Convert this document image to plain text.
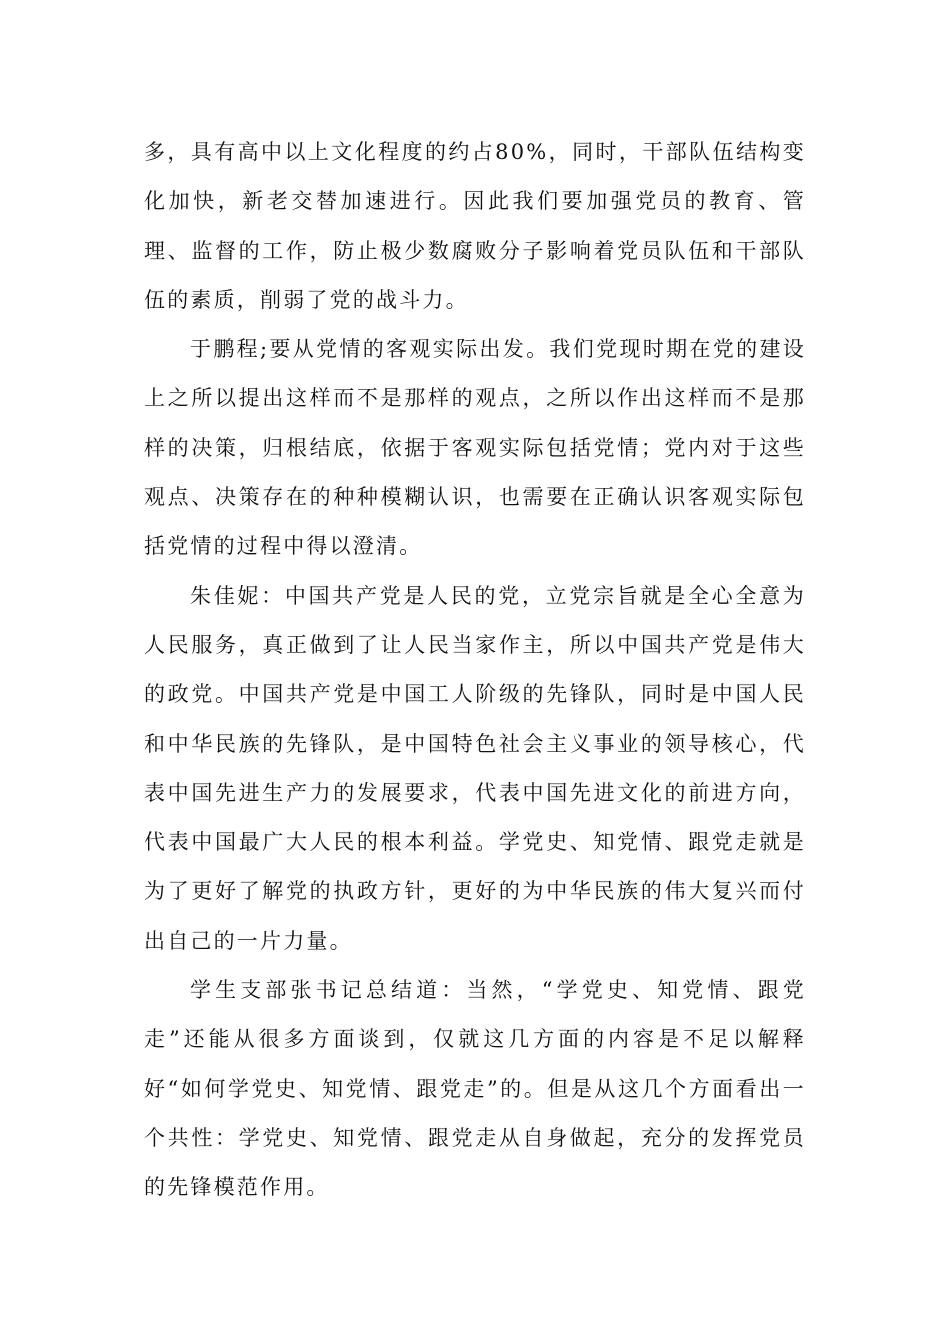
多，具有高中以上文化程度的约占80%，同时，干部队伍结构变化加快，新老交替加速进行。因此我们要加强党员的教育、管理、监督的工作，防止极少数腐败分子影响着党员队伍和干部队伍的素质，削弱了党的战斗力。

于鹏程;要从党情的客观实际出发。我们党现时期在党的建设上之所以提出这样而不是那样的观点，之所以作出这样而不是那样的决策，归根结底，依据于客观实际包括党情；党内对于这些观点、决策存在的种种模糊认识，也需要在正确认识客观实际包括党情的过程中得以澄清。

朱佳妮：中国共产党是人民的党，立党宗旨就是全心全意为人民服务，真正做到了让人民当家作主，所以中国共产党是伟大的政党。中国共产党是中国工人阶级的先锋队，同时是中国人民和中华民族的先锋队，是中国特色社会主义事业的领导核心，代表中国先进生产力的发展要求，代表中国先进文化的前进方向，代表中国最广大人民的根本利益。学党史、知党情、跟党走就是为了更好了解党的执政方针，更好的为中华民族的伟大复兴而付出自己的一片力量。

学生支部张书记总结道：当然，“学党史、知党情、跟党走”还能从很多方面谈到，仅就这几方面的内容是不足以解释好“如何学党史、知党情、跟党走”的。但是从这几个方面看出一个共性：学党史、知党情、跟党走从自身做起，充分的发挥党员的先锋模范作用。
